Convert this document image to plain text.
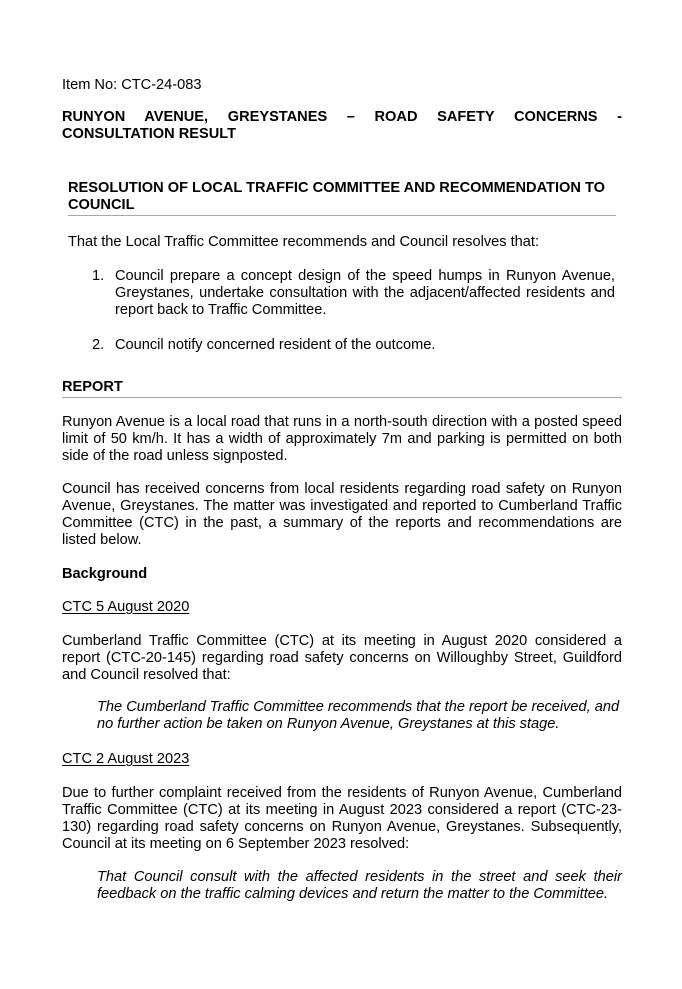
Item No: CTC-24-083
RUNYON AVENUE, GREYSTANES – ROAD SAFETY CONCERNS -
CONSULTATION RESULT
RESOLUTION OF LOCAL TRAFFIC COMMITTEE AND RECOMMENDATION TO
COUNCIL
That the Local Traffic Committee recommends and Council resolves that:
1. Council prepare a concept design of the speed humps in Runyon Avenue,
Greystanes, undertake consultation with the adjacent/affected residents and
report back to Traffic Committee.
2. Council notify concerned resident of the outcome.
REPORT
Runyon Avenue is a local road that runs in a north-south direction with a posted speed
limit of 50 km/h. It has a width of approximately 7m and parking is permitted on both
side of the road unless signposted.
Council has received concerns from local residents regarding road safety on Runyon
Avenue, Greystanes. The matter was investigated and reported to Cumberland Traffic
Committee (CTC) in the past, a summary of the reports and recommendations are
listed below.
Background
CTC 5 August 2020
Cumberland Traffic Committee (CTC) at its meeting in August 2020 considered a
report (CTC-20-145) regarding road safety concerns on Willoughby Street, Guildford
and Council resolved that:
The Cumberland Traffic Committee recommends that the report be received, and
no further action be taken on Runyon Avenue, Greystanes at this stage.
CTC 2 August 2023
Due to further complaint received from the residents of Runyon Avenue, Cumberland
Traffic Committee (CTC) at its meeting in August 2023 considered a report (CTC-23-
130) regarding road safety concerns on Runyon Avenue, Greystanes. Subsequently,
Council at its meeting on 6 September 2023 resolved:
That Council consult with the affected residents in the street and seek their
feedback on the traffic calming devices and return the matter to the Committee.
